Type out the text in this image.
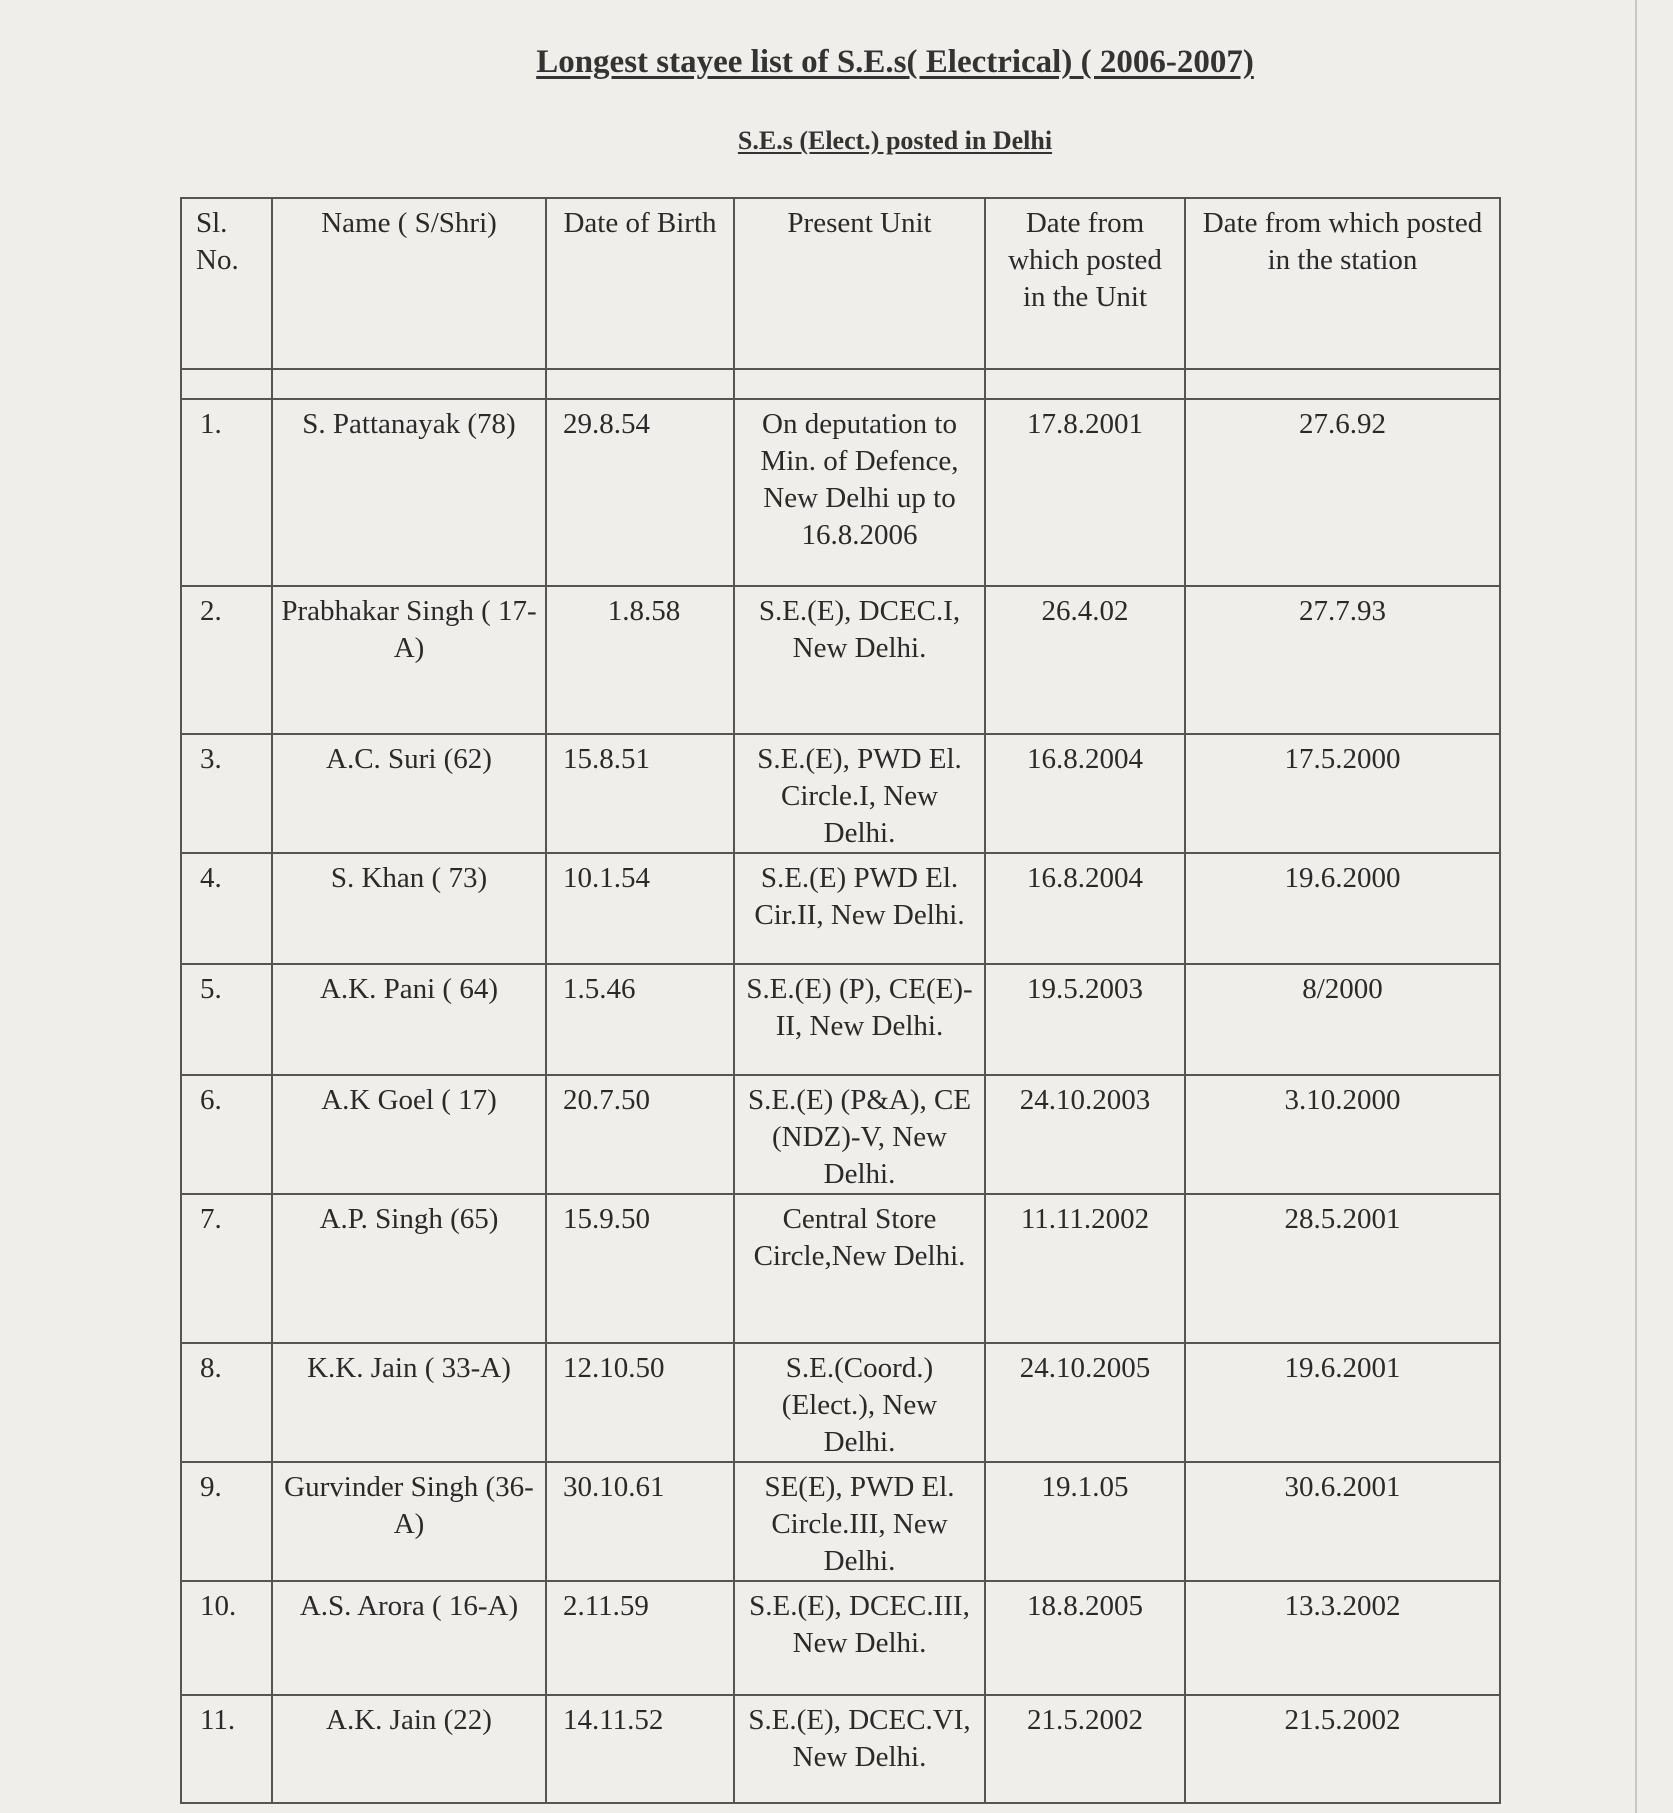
Longest stayee list of S.E.s( Electrical) ( 2006-2007)
S.E.s (Elect.) posted in Delhi
Sl. No.	Name ( S/Shri)	Date of Birth	Present Unit	Date from which posted in the Unit	Date from which posted in the station

1.	S. Pattanayak (78)	29.8.54	On deputation to Min. of Defence, New Delhi up to 16.8.2006	17.8.2001	27.6.92
2.	Prabhakar Singh ( 17-A)	1.8.58	S.E.(E), DCEC.I, New Delhi.	26.4.02	27.7.93
3.	A.C. Suri (62)	15.8.51	S.E.(E), PWD El. Circle.I, New Delhi.	16.8.2004	17.5.2000
4.	S. Khan ( 73)	10.1.54	S.E.(E) PWD El. Cir.II, New Delhi.	16.8.2004	19.6.2000
5.	A.K. Pani ( 64)	1.5.46	S.E.(E) (P), CE(E)-II, New Delhi.	19.5.2003	8/2000
6.	A.K Goel ( 17)	20.7.50	S.E.(E) (P&A), CE (NDZ)-V, New Delhi.	24.10.2003	3.10.2000
7.	A.P. Singh (65)	15.9.50	Central Store Circle,New Delhi.	11.11.2002	28.5.2001
8.	K.K. Jain ( 33-A)	12.10.50	S.E.(Coord.) (Elect.), New Delhi.	24.10.2005	19.6.2001
9.	Gurvinder Singh (36-A)	30.10.61	SE(E), PWD El. Circle.III, New Delhi.	19.1.05	30.6.2001
10.	A.S. Arora ( 16-A)	2.11.59	S.E.(E), DCEC.III, New Delhi.	18.8.2005	13.3.2002
11.	A.K. Jain (22)	14.11.52	S.E.(E), DCEC.VI, New Delhi.	21.5.2002	21.5.2002
